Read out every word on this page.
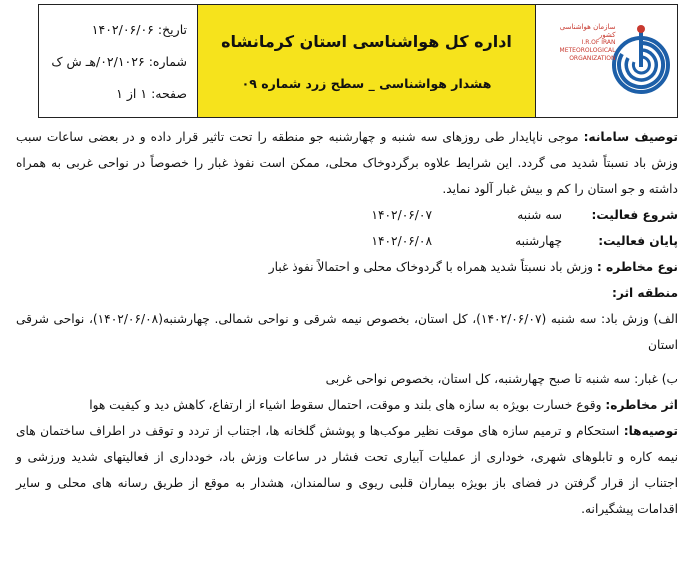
سازمان هواشناسی کشور
I.R.OF IRAN
METEOROLOGICAL
ORGANIZATION
اداره کل هواشناسی استان کرمانشاه
هشدار هواشناسی _ سطح زرد شماره ۰۹
تاریخ:
۱۴۰۲/۰۶/۰۶
شماره:
۰۲/۱۰۲۶/هـ ش ک
صفحه:
۱ از ۱

توصیف سامانه: موجی ناپایدار طی روزهای سه شنبه و چهارشنبه جو منطقه را تحت تاثیر قرار داده و در بعضی ساعات سبب وزش باد نسبتاً شدید می گردد. این شرایط علاوه برگردوخاک محلی، ممکن است نفوذ غبار را خصوصاً در نواحی غربی به همراه داشته و جو استان را کم و بیش غبار آلود نماید.

شروع فعالیت:
سه شنبه
۱۴۰۲/۰۶/۰۷
پایان فعالیت:
چهارشنبه
۱۴۰۲/۰۶/۰۸

نوع مخاطره : وزش باد نسبتاً شدید همراه با گردوخاک محلی و احتمالاً نفوذ غبار

منطقه اثر:

الف) وزش باد: سه شنبه (۱۴۰۲/۰۶/۰۷)، کل استان، بخصوص نیمه شرقی و نواحی شمالی. چهارشنبه(۱۴۰۲/۰۶/۰۸)، نواحی شرقی استان

ب) غبار: سه شنبه تا صبح چهارشنبه، کل استان، بخصوص نواحی غربی

اثر مخاطره: وقوع خسارت بویژه به سازه های بلند و موقت، احتمال سقوط اشیاء از ارتفاع، کاهش دید و کیفیت هوا

توصیه‌ها: استحکام و ترمیم سازه های موقت نظیر موکب‌ها و پوشش گلخانه ها، اجتناب از تردد و توقف در اطراف ساختمان های نیمه کاره و تابلوهای شهری، خوداری از عملیات آبیاری تحت فشار در ساعات وزش باد، خودداری از فعالیتهای شدید ورزشی و اجتناب از قرار گرفتن در فضای باز بویژه بیماران قلبی ریوی و سالمندان، هشدار به موقع از طریق رسانه های محلی و سایر اقدامات پیشگیرانه.
